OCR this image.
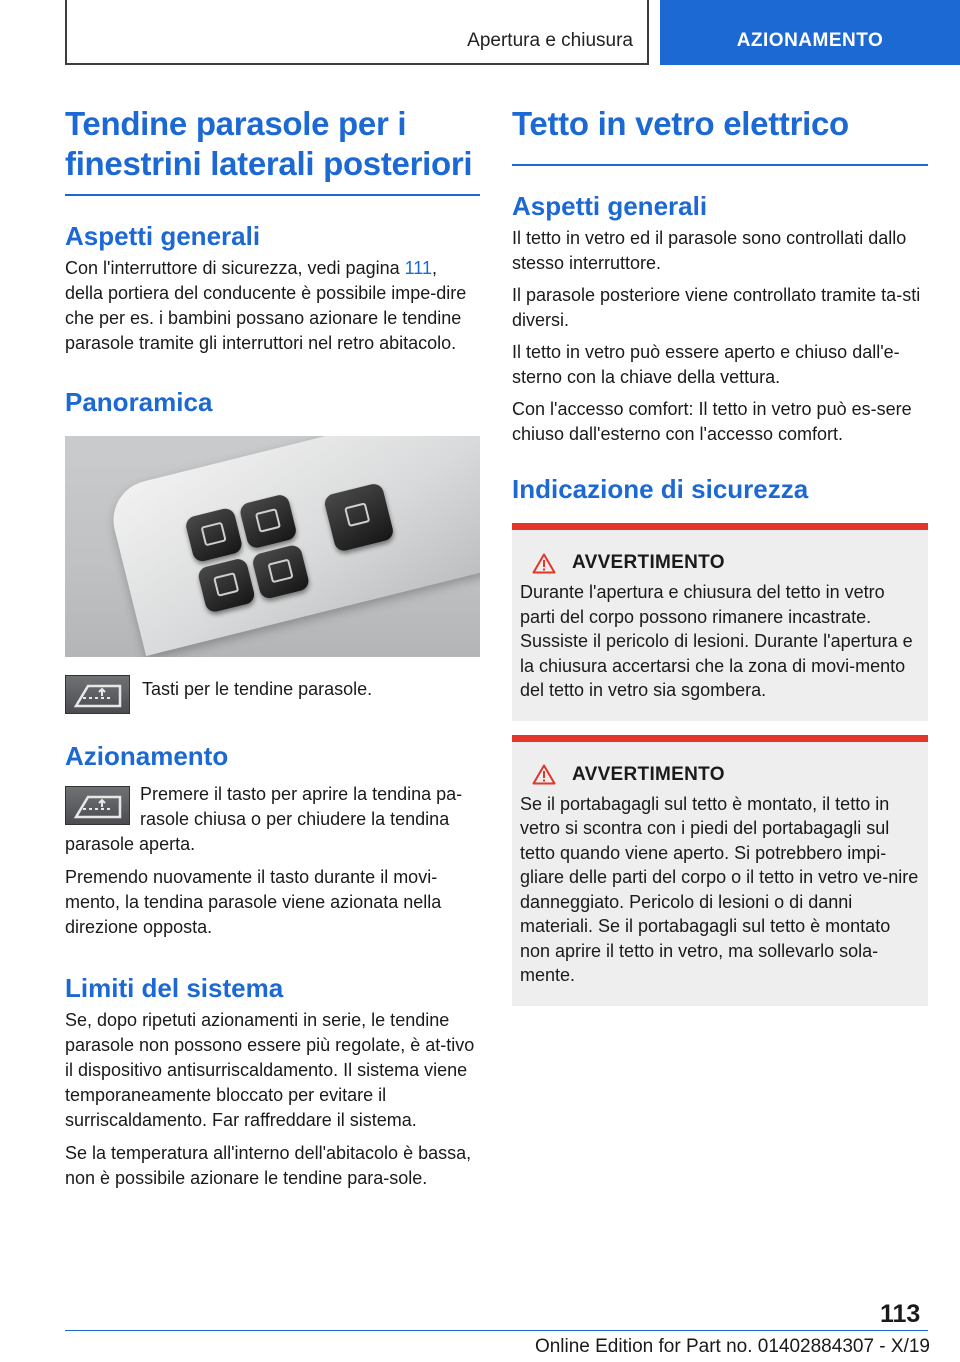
Apertura e chiusura	AZIONAMENTO
Tendine parasole per i finestrini laterali posteriori
Aspetti generali

Con l'interruttore di sicurezza, vedi pagina 111, della portiera del conducente è possibile impe-dire che per es. i bambini possano azionare le tendine parasole tramite gli interruttori nel retro abitacolo.

Panoramica
Tasti per le tendine parasole.
Azionamento

Premere il tasto per aprire la tendina pa-rasole chiusa o per chiudere la tendina parasole aperta.

Premendo nuovamente il tasto durante il movi-mento, la tendina parasole viene azionata nella direzione opposta.

Limiti del sistema

Se, dopo ripetuti azionamenti in serie, le tendine parasole non possono essere più regolate, è at-tivo il dispositivo antisurriscaldamento. Il sistema viene temporaneamente bloccato per evitare il surriscaldamento. Far raffreddare il sistema.

Se la temperatura all'interno dell'abitacolo è bassa, non è possibile azionare le tendine para-sole.

Tetto in vetro elettrico
Aspetti generali

Il tetto in vetro ed il parasole sono controllati dallo stesso interruttore.

Il parasole posteriore viene controllato tramite ta-sti diversi.

Il tetto in vetro può essere aperto e chiuso dall'e-sterno con la chiave della vettura.

Con l'accesso comfort: Il tetto in vetro può es-sere chiuso dall'esterno con l'accesso comfort.

Indicazione di sicurezza
AVVERTIMENTO

Durante l'apertura e chiusura del tetto in vetro parti del corpo possono rimanere incastrate. Sussiste il pericolo di lesioni. Durante l'apertura e la chiusura accertarsi che la zona di movi-mento del tetto in vetro sia sgombera.

AVVERTIMENTO

Se il portabagagli sul tetto è montato, il tetto in vetro si scontra con i piedi del portabagagli sul tetto quando viene aperto. Si potrebbero impi-gliare delle parti del corpo o il tetto in vetro ve-nire danneggiato. Pericolo di lesioni o di danni materiali. Se il portabagagli sul tetto è montato non aprire il tetto in vetro, ma sollevarlo sola-mente.

113
Online Edition for Part no. 01402884307 - X/19
